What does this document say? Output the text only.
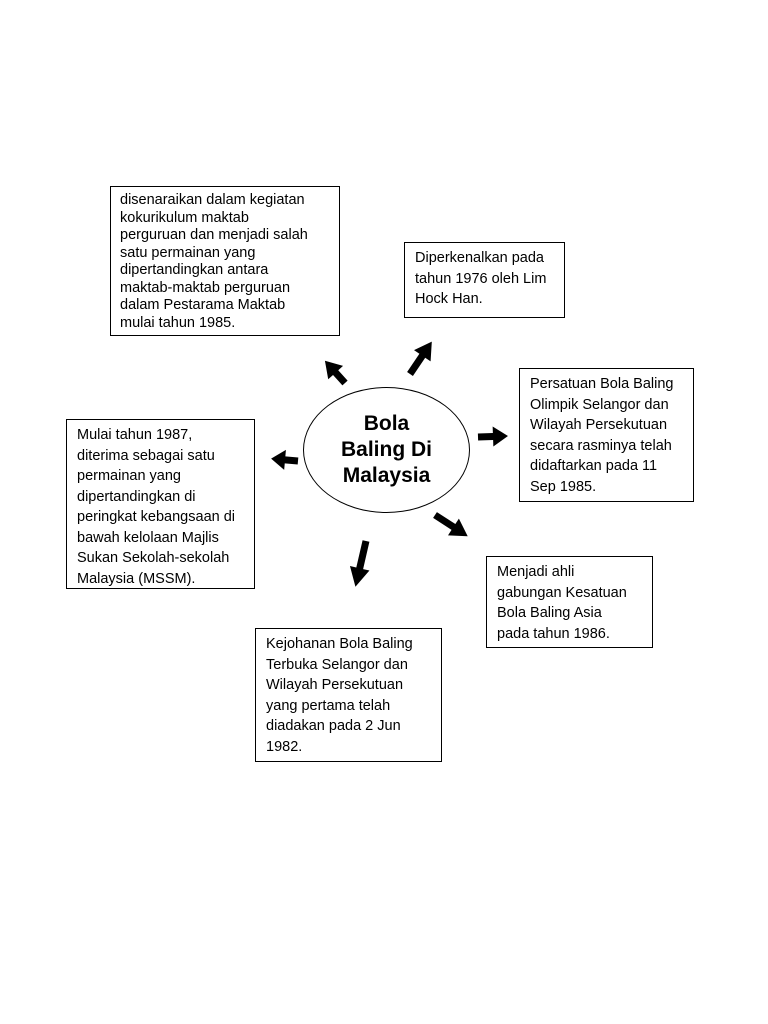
disenaraikan dalam kegiatan
kokurikulum maktab
perguruan dan menjadi salah
satu permainan yang
dipertandingkan antara
maktab-maktab perguruan
dalam Pestarama Maktab
mulai tahun 1985.
Diperkenalkan pada
tahun 1976 oleh Lim
Hock Han.
Persatuan Bola Baling
Olimpik Selangor dan
Wilayah Persekutuan
secara rasminya telah
didaftarkan pada 11
Sep 1985.
Mulai tahun 1987,
diterima sebagai satu
permainan yang
dipertandingkan di
peringkat kebangsaan di
bawah kelolaan Majlis
Sukan Sekolah-sekolah
Malaysia (MSSM).	Menjadi ahli
gabungan Kesatuan
Bola Baling Asia
pada tahun 1986.
Kejohanan Bola Baling
Terbuka Selangor dan
Wilayah Persekutuan
yang pertama telah
diadakan pada 2 Jun
1982.
Bola
Baling Di
Malaysia
